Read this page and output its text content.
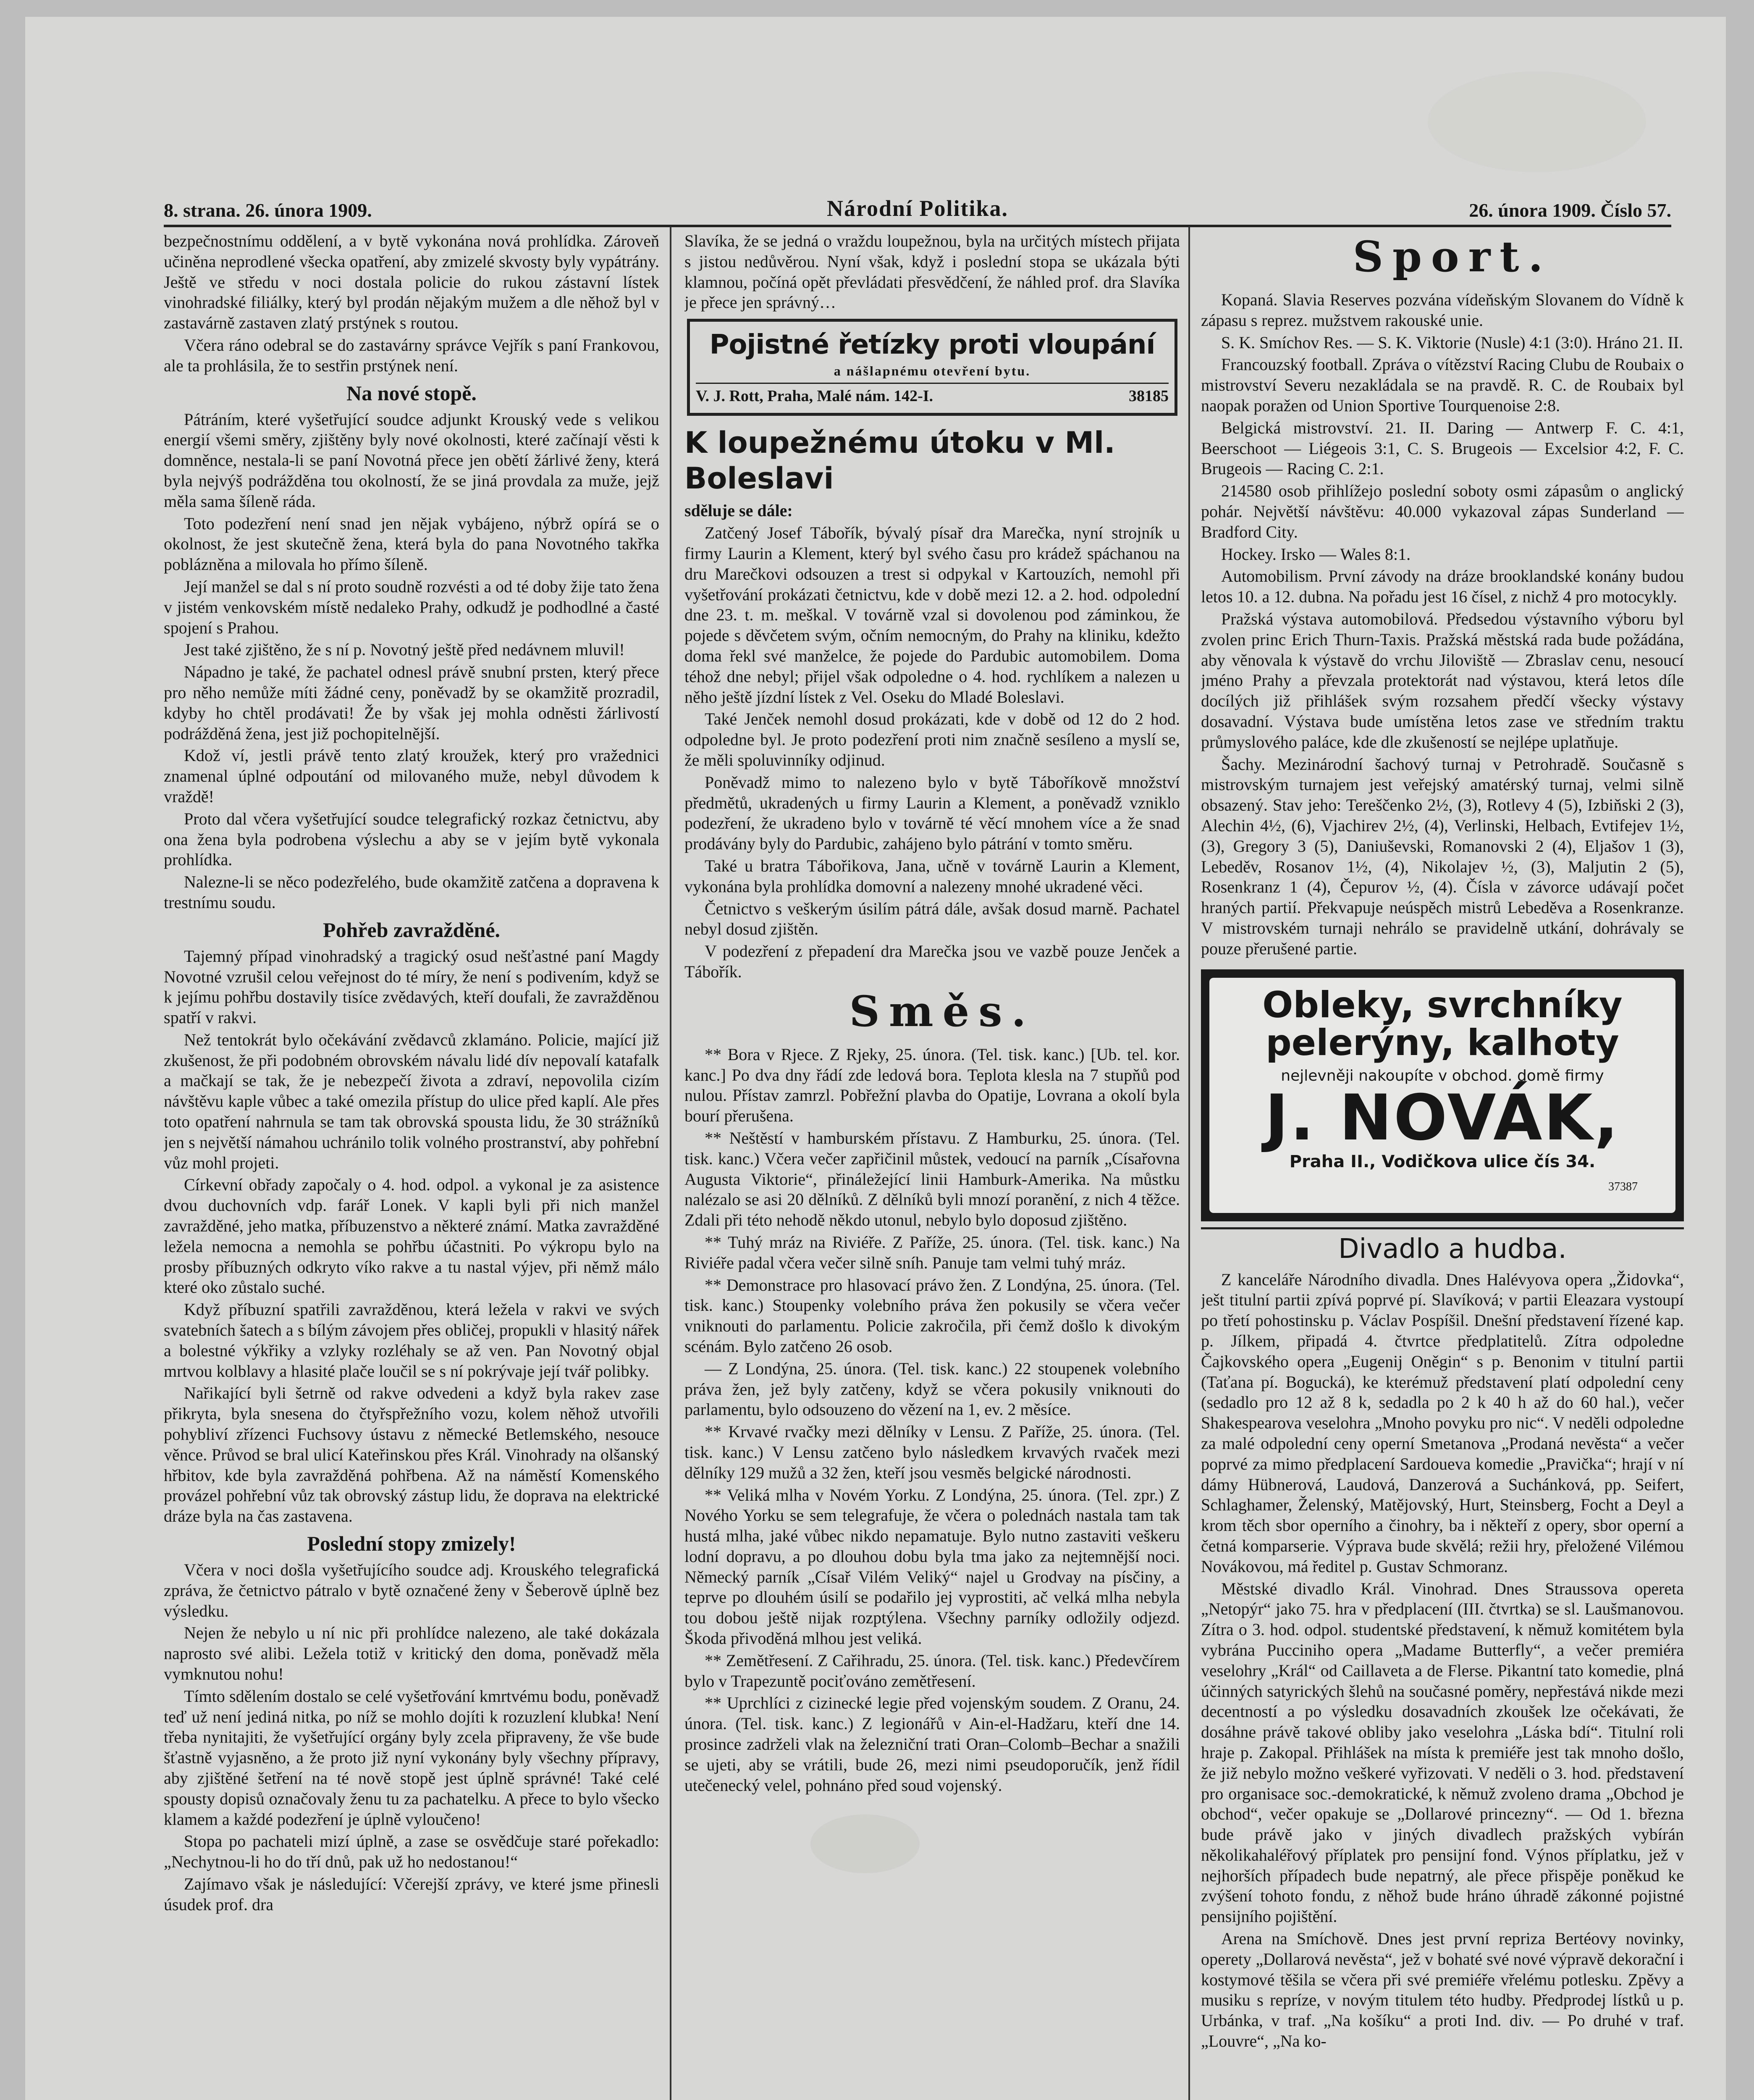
8. strana. 26. února 1909.	Národní Politika.	26. února 1909. Číslo 57.

bezpečnostnímu oddělení, a v bytě vykonána nová prohlídka. Zároveň učiněna neprodlené všecka opatření, aby zmizelé skvosty byly vypátrány. Ještě ve středu v noci dostala policie do rukou zástavní lístek vinohradské filiálky, který byl prodán nějakým mužem a dle něhož byl v zastavárně zastaven zlatý prstýnek s routou.

Včera ráno odebral se do zastavárny správce Vejřík s paní Frankovou, ale ta prohlásila, že to sestřin prstýnek není.

Na nové stopě.

Pátráním, které vyšetřující soudce adjunkt Krouský vede s velikou energií všemi směry, zjištěny byly nové okolnosti, které začínají věsti k domněnce, nestala-li se paní Novotná přece jen obětí žárlivé ženy, která byla nejvýš podrážděna tou okolností, že se jiná provdala za muže, jejž měla sama šíleně ráda.

Toto podezření není snad jen nějak vybájeno, nýbrž opírá se o okolnost, že jest skutečně žena, která byla do pana Novotného takřka poblázněna a milovala ho přímo šíleně.

Její manžel se dal s ní proto soudně rozvésti a od té doby žije tato žena v jistém venkovském místě nedaleko Prahy, odkudž je podhodlné a časté spojení s Prahou.

Jest také zjištěno, že s ní p. Novotný ještě před nedávnem mluvil!

Nápadno je také, že pachatel odnesl právě snubní prsten, který přece pro něho nemůže míti žádné ceny, poněvadž by se okamžitě prozradil, kdyby ho chtěl prodávati! Že by však jej mohla odněsti žárlivostí podrážděná žena, jest již pochopitelnější.

Kdož ví, jestli právě tento zlatý kroužek, který pro vražednici znamenal úplné odpoutání od milovaného muže, nebyl důvodem k vraždě!

Proto dal včera vyšetřující soudce telegrafický rozkaz četnictvu, aby ona žena byla podrobena výslechu a aby se v jejím bytě vykonala prohlídka.

Nalezne-li se něco podezřelého, bude okamžitě zatčena a dopravena k trestnímu soudu.

Pohřeb zavražděné.

Tajemný případ vinohradský a tragický osud nešťastné paní Magdy Novotné vzrušil celou veřejnost do té míry, že není s podivením, když se k jejímu pohřbu dostavily tisíce zvědavých, kteří doufali, že zavražděnou spatří v rakvi.

Než tentokrát bylo očekávání zvědavců zklamáno. Policie, mající již zkušenost, že při podobném obrovském návalu lidé dív nepovalí katafalk a mačkají se tak, že je nebezpečí života a zdraví, nepovolila cizím návštěvu kaple vůbec a také omezila přístup do ulice před kaplí. Ale přes toto opatření nahrnula se tam tak obrovská spousta lidu, že 30 strážníků jen s největší námahou uchránilo tolik volného prostranství, aby pohřební vůz mohl projeti.

Církevní obřady započaly o 4. hod. odpol. a vykonal je za asistence dvou duchovních vdp. farář Lonek. V kapli byli při nich manžel zavražděné, jeho matka, příbuzenstvo a některé známí. Matka zavražděné ležela nemocna a nemohla se pohřbu účastniti. Po výkropu bylo na prosby příbuzných odkryto víko rakve a tu nastal výjev, při němž málo které oko zůstalo suché.

Když příbuzní spatřili zavražděnou, která ležela v rakvi ve svých svatebních šatech a s bílým závojem přes obličej, propukli v hlasitý nářek a bolestné výkřiky a vzlyky rozléhaly se až ven. Pan Novotný objal mrtvou kolblavy a hlasité plače loučil se s ní pokrývaje její tvář polibky.

Nařikající byli šetrně od rakve odvedeni a když byla rakev zase přikryta, byla snesena do čtyřspřežního vozu, kolem něhož utvořili pohybliví zřízenci Fuchsovy ústavu z německé Betlemského, nesouce věnce. Průvod se bral ulicí Kateřinskou přes Král. Vinohrady na olšanský hřbitov, kde byla zavražděná pohřbena. Až na náměstí Komenského provázel pohřební vůz tak obrovský zástup lidu, že doprava na elektrické dráze byla na čas zastavena.

Poslední stopy zmizely!

Včera v noci došla vyšetřujícího soudce adj. Krouského telegrafická zpráva, že četnictvo pátralo v bytě označené ženy v Šeberově úplně bez výsledku.

Nejen že nebylo u ní nic při prohlídce nalezeno, ale také dokázala naprosto své alibi. Ležela totiž v kritický den doma, poněvadž měla vymknutou nohu!

Tímto sdělením dostalo se celé vyšetřování kmrtvému bodu, poněvadž teď už není jediná nitka, po níž se mohlo dojíti k rozuzlení klubka! Není třeba nynitajiti, že vyšetřující orgány byly zcela připraveny, že vše bude šťastně vyjasněno, a že proto již nyní vykonány byly všechny přípravy, aby zjištěné šetření na té nově stopě jest úplně správné! Také celé spousty dopisů označovaly ženu tu za pachatelku. A přece to bylo všecko klamem a každé podezření je úplně vyloučeno!

Stopa po pachateli mizí úplně, a zase se osvědčuje staré pořekadlo: „Nechytnou-li ho do tří dnů, pak už ho nedostanou!“

Zajímavo však je následující: Včerejší zprávy, ve které jsme přinesli úsudek prof. dra

Slavíka, že se jedná o vraždu loupežnou, byla na určitých místech přijata s jistou nedůvěrou. Nyní však, když i poslední stopa se ukázala býti klamnou, počíná opět převládati přesvědčení, že náhled prof. dra Slavíka je přece jen správný…

Pojistné řetízky proti vloupání
a nášlapnému otevření bytu.
V. J. Rott, Praha, Malé nám. 142-I.	38185

K loupežnému útoku v Ml. Boleslavi

sděluje se dále:

Zatčený Josef Tábořík, bývalý písař dra Marečka, nyní strojník u firmy Laurin a Klement, který byl svého času pro krádež spáchanou na dru Marečkovi odsouzen a trest si odpykal v Kartouzích, nemohl při vyšetřování prokázati četnictvu, kde v době mezi 12. a 2. hod. odpolední dne 23. t. m. meškal. V továrně vzal si dovolenou pod záminkou, že pojede s děvčetem svým, očním nemocným, do Prahy na kliniku, kdežto doma řekl své manželce, že pojede do Pardubic automobilem. Doma téhož dne nebyl; přijel však odpoledne o 4. hod. rychlíkem a nalezen u něho ještě jízdní lístek z Vel. Oseku do Mladé Boleslavi.

Také Jenček nemohl dosud prokázati, kde v době od 12 do 2 hod. odpoledne byl. Je proto podezření proti nim značně sesíleno a myslí se, že měli spoluvinníky odjinud.

Poněvadž mimo to nalezeno bylo v bytě Táboříkově množství předmětů, ukradených u firmy Laurin a Klement, a poněvadž vzniklo podezření, že ukradeno bylo v továrně té věcí mnohem více a že snad prodávány byly do Pardubic, zahájeno bylo pátrání v tomto směru.

Také u bratra Tábořikova, Jana, učně v továrně Laurin a Klement, vykonána byla prohlídka domovní a nalezeny mnohé ukradené věci.

Četnictvo s veškerým úsilím pátrá dále, avšak dosud marně. Pachatel nebyl dosud zjištěn.

V podezření z přepadení dra Marečka jsou ve vazbě pouze Jenček a Tábořík.

Směs.

** Bora v Rjece. Z Rjeky, 25. února. (Tel. tisk. kanc.) [Ub. tel. kor. kanc.] Po dva dny řádí zde ledová bora. Teplota klesla na 7 stupňů pod nulou. Přístav zamrzl. Pobřežní plavba do Opatije, Lovrana a okolí byla bourí přerušena.

** Neštěstí v hamburském přístavu. Z Hamburku, 25. února. (Tel. tisk. kanc.) Včera večer zapřičinil můstek, vedoucí na parník „Císařovna Augusta Viktorie“, přináležející linii Hamburk-Amerika. Na můstku nalézalo se asi 20 dělníků. Z dělníků byli mnozí poranění, z nich 4 těžce. Zdali při této nehodě někdo utonul, nebylo bylo doposud zjištěno.

** Tuhý mráz na Riviéře. Z Paříže, 25. února. (Tel. tisk. kanc.) Na Riviéře padal včera večer silně sníh. Panuje tam velmi tuhý mráz.

** Demonstrace pro hlasovací právo žen. Z Londýna, 25. února. (Tel. tisk. kanc.) Stoupenky volebního práva žen pokusily se včera večer vniknouti do parlamentu. Policie zakročila, při čemž došlo k divokým scénám. Bylo zatčeno 26 osob.

— Z Londýna, 25. února. (Tel. tisk. kanc.) 22 stoupenek volebního práva žen, jež byly zatčeny, když se včera pokusily vniknouti do parlamentu, bylo odsouzeno do vězení na 1, ev. 2 měsíce.

** Krvavé rvačky mezi dělníky v Lensu. Z Paříže, 25. února. (Tel. tisk. kanc.) V Lensu zatčeno bylo následkem krvavých rvaček mezi dělníky 129 mužů a 32 žen, kteří jsou vesměs belgické národnosti.

** Veliká mlha v Novém Yorku. Z Londýna, 25. února. (Tel. zpr.) Z Nového Yorku se sem telegrafuje, že včera o polednách nastala tam tak hustá mlha, jaké vůbec nikdo nepamatuje. Bylo nutno zastaviti veškeru lodní dopravu, a po dlouhou dobu byla tma jako za nejtemnější noci. Německý parník „Císař Vilém Veliký“ najel u Grodvay na písčiny, a teprve po dlouhém úsilí se podařilo jej vyprostiti, ač velká mlha nebyla tou dobou ještě nijak rozptýlena. Všechny parníky odložily odjezd. Škoda přivoděná mlhou jest veliká.

** Zemětřesení. Z Cařihradu, 25. února. (Tel. tisk. kanc.) Předevčírem bylo v Trapezuntě pociťováno zemětřesení.

** Uprchlíci z cizinecké legie před vojenským soudem. Z Oranu, 24. února. (Tel. tisk. kanc.) Z legionářů v Ain-el-Hadžaru, kteří dne 14. prosince zadrželi vlak na železniční trati Oran–Colomb–Bechar a snažili se ujeti, aby se vrátili, bude 26, mezi nimi pseudoporučík, jenž řídil utečenecký velel, pohnáno před soud vojenský.

Sport.

Kopaná. Slavia Reserves pozvána vídeňským Slovanem do Vídně k zápasu s reprez. mužstvem rakouské unie.

S. K. Smíchov Res. — S. K. Viktorie (Nusle) 4:1 (3:0). Hráno 21. II.

Francouzský football. Zpráva o vítězství Racing Clubu de Roubaix o mistrovství Severu nezakládala se na pravdě. R. C. de Roubaix byl naopak poražen od Union Sportive Tourquenoise 2:8.

Belgická mistrovství. 21. II. Daring — Antwerp F. C. 4:1, Beerschoot — Liégeois 3:1, C. S. Brugeois — Excelsior 4:2, F. C. Brugeois — Racing C. 2:1.

214580 osob přihlížejo poslední soboty osmi zápasům o anglický pohár. Největší návštěvu: 40.000 vykazoval zápas Sunderland — Bradford City.

Hockey. Irsko — Wales 8:1.

Automobilism. První závody na dráze brooklandské konány budou letos 10. a 12. dubna. Na pořadu jest 16 čísel, z nichž 4 pro motocykly.

Pražská výstava automobilová. Předsedou výstavního výboru byl zvolen princ Erich Thurn-Taxis. Pražská městská rada bude požádána, aby věnovala k výstavě do vrchu Jiloviště — Zbraslav cenu, nesoucí jméno Prahy a převzala protektorát nad výstavou, která letos díle docílých již přihlášek svým rozsahem předčí všecky výstavy dosavadní. Výstava bude umístěna letos zase ve středním traktu průmyslového paláce, kde dle zkušeností se nejlépe uplatňuje.

Šachy. Mezinárodní šachový turnaj v Petrohradě. Současně s mistrovským turnajem jest veřejský amatérský turnaj, velmi silně obsazený. Stav jeho: Tereščenko 2½, (3), Rotlevy 4 (5), Izbiňski 2 (3), Alechin 4½, (6), Vjachirev 2½, (4), Verlinski, Helbach, Evtifejev 1½, (3), Gregory 3 (5), Daniuševski, Romanovski 2 (4), Eljašov 1 (3), Lebeděv, Rosanov 1½, (4), Nikolajev ½, (3), Maljutin 2 (5), Rosenkranz 1 (4), Čepurov ½, (4). Čísla v závorce udávají počet hraných partií. Překvapuje neúspěch mistrů Lebeděva a Rosenkranze. V mistrovském turnaji nehrálo se pravidelně utkání, dohrávaly se pouze přerušené partie.

Obleky, svrchníky
pelerýny, kalhoty
nejlevněji nakoupíte v obchod. domě firmy
J. NOVÁK,
Praha II., Vodičkova ulice čís 34.
37387

Divadlo a hudba.

Z kanceláře Národního divadla. Dnes Halévyova opera „Židovka“, ješt titulní partii zpívá poprvé pí. Slavíková; v partii Eleazara vystoupí po třetí pohostinsku p. Václav Pospíšil. Dnešní představení řízené kap. p. Jílkem, připadá 4. čtvrtce předplatitelů. Zítra odpoledne Čajkovského opera „Eugenij Oněgin“ s p. Benonim v titulní partii (Taťana pí. Bogucká), ke kterémuž představení platí odpolední ceny (sedadlo pro 12 až 8 k, sedadla po 2 k 40 h až do 60 hal.), večer Shakespearova veselohra „Mnoho povyku pro nic“. V neděli odpoledne za malé odpolední ceny operní Smetanova „Prodaná nevěsta“ a večer poprvé za mimo předplacení Sardoueva komedie „Pravička“; hrají v ní dámy Hübnerová, Laudová, Danzerová a Suchánková, pp. Seifert, Schlaghamer, Želenský, Matějovský, Hurt, Steinsberg, Focht a Deyl a krom těch sbor operního a činohry, ba i někteří z opery, sbor operní a četná komparserie. Výprava bude skvělá; režii hry, přeložené Vilémou Novákovou, má ředitel p. Gustav Schmoranz.

Městské divadlo Král. Vinohrad. Dnes Straussova opereta „Netopýr“ jako 75. hra v předplacení (III. čtvrtka) se sl. Laušmanovou. Zítra o 3. hod. odpol. studentské představení, k němuž komitétem byla vybrána Pucciniho opera „Madame Butterfly“, a večer premiéra veselohry „Král“ od Caillaveta a de Flerse. Pikantní tato komedie, plná účinných satyrických šlehů na současné poměry, nepřestává nikde mezi decentností a po výsledku dosavadních zkoušek lze očekávati, že dosáhne právě takové obliby jako veselohra „Láska bdí“. Titulní roli hraje p. Zakopal. Přihlášek na místa k premiéře jest tak mnoho došlo, že již nebylo možno veškeré vyřizovati. V neděli o 3. hod. představení pro organisace soc.-demokratické, k němuž zvoleno drama „Obchod je obchod“, večer opakuje se „Dollarové princezny“. — Od 1. března bude právě jako v jiných divadlech pražských vybírán několikahaléřový příplatek pro pensijní fond. Výnos příplatku, jež v nejhorších případech bude nepatrný, ale přece přispěje poněkud ke zvýšení tohoto fondu, z něhož bude hráno úhradě zákonné pojistné pensijního pojištění.

Arena na Smíchově. Dnes jest první repriza Bertéovy novinky, operety „Dollarová nevěsta“, jež v bohaté své nové výpravě dekorační i kostymové těšila se včera při své premiéře vřelému potlesku. Zpěvy a musiku s repríze, v novým titulem této hudby. Předprodej lístků u p. Urbánka, v traf. „Na košíku“ a proti Ind. div. — Po druhé v traf. „Louvre“, „Na ko-
